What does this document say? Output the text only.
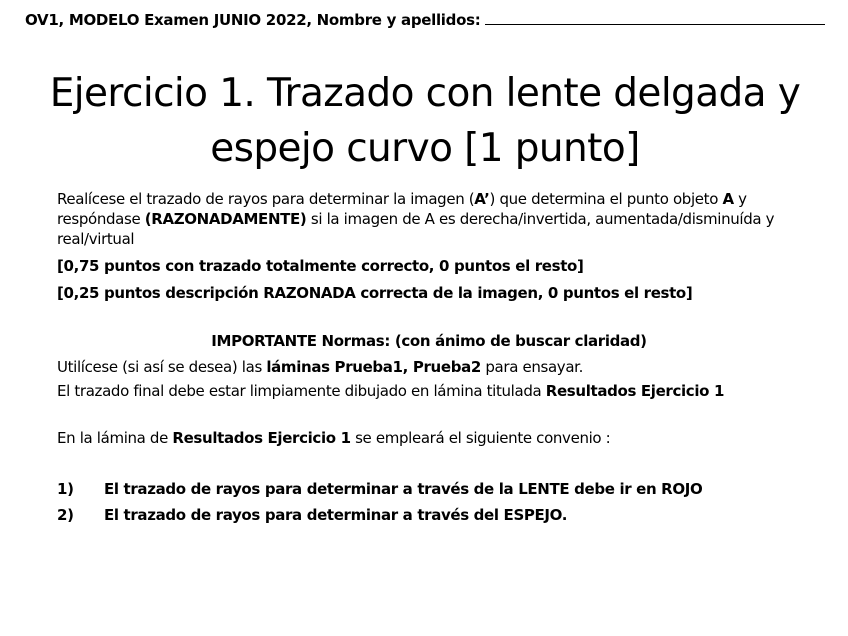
OV1, MODELO Examen JUNIO 2022, Nombre y apellidos:
Ejercicio 1. Trazado con lente delgada y
espejo curvo [1 punto]
Realícese el trazado de rayos para determinar la imagen (A’) que determina el punto objeto A y respóndase (RAZONADAMENTE) si la imagen de A es derecha/invertida, aumentada/disminuída y real/virtual
[0,75 puntos con trazado totalmente correcto, 0 puntos el resto]
[0,25 puntos descripción RAZONADA correcta de la imagen, 0 puntos el resto]
IMPORTANTE Normas: (con ánimo de buscar claridad)
Utilícese (si así se desea) las láminas Prueba1, Prueba2 para ensayar.
El trazado final debe estar limpiamente dibujado en lámina titulada Resultados Ejercicio 1
En la lámina de Resultados Ejercicio 1 se empleará el siguiente convenio :
1) El trazado de rayos para determinar a través de la LENTE debe ir en ROJO
2) El trazado de rayos para determinar a través del ESPEJO.
